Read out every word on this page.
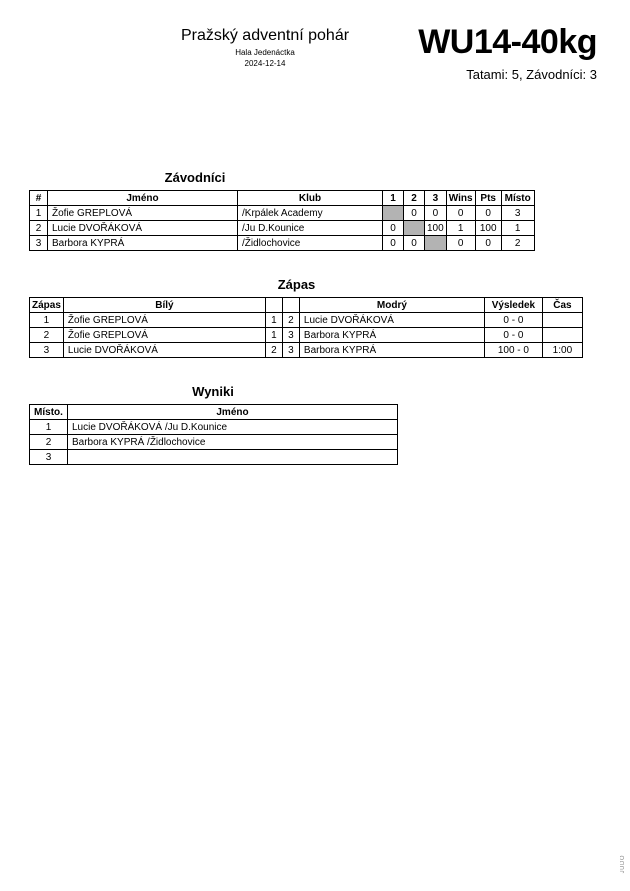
Pražský adventní pohár
Hala Jedenáctka
2024-12-14
WU14-40kg
Tatami: 5, Závodníci: 3
Závodníci
#	Jméno	Klub	1	2	3	Wins	Pts	Místo
1	Žofie GREPLOVÁ	/Krpálek Academy		0	0	0	0	3
2	Lucie DVOŘÁKOVÁ	/Ju D.Kounice	0		100	1	100	1
3	Barbora KYPRÁ	/Židlochovice	0	0		0	0	2
Zápas
Zápas	Bílý			Modrý	Výsledek	Čas
1	Žofie GREPLOVÁ	1	2	Lucie DVOŘÁKOVÁ	0 - 0	
2	Žofie GREPLOVÁ	1	3	Barbora KYPRÁ	0 - 0	
3	Lucie DVOŘÁKOVÁ	2	3	Barbora KYPRÁ	100 - 0	1:00
Wyniki
Místo.	Jméno
1	Lucie DVOŘÁKOVÁ /Ju D.Kounice
2	Barbora KYPRÁ /Židlochovice
3	
JUDO
